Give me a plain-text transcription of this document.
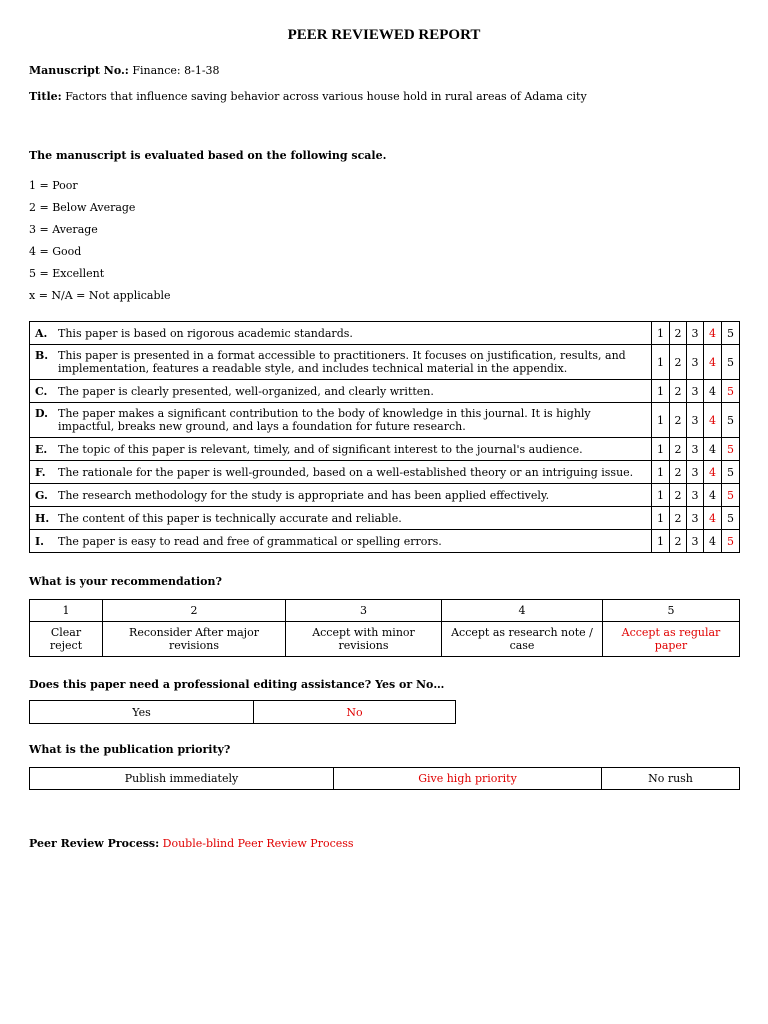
PEER REVIEWED REPORT
Manuscript No.: Finance: 8-1-38
Title: Factors that influence saving behavior across various house hold in rural areas of Adama city
The manuscript is evaluated based on the following scale.
1 = Poor
2 = Below Average
3 = Average
4 = Good
5 = Excellent
x = N/A = Not applicable
A. This paper is based on rigorous academic standards.	1	2	3	4	5
B. This paper is presented in a format accessible to practitioners. It focuses on justification, results, and implementation, features a readable style, and includes technical material in the appendix.	1	2	3	4	5
C. The paper is clearly presented, well-organized, and clearly written.	1	2	3	4	5
D. The paper makes a significant contribution to the body of knowledge in this journal. It is highly impactful, breaks new ground, and lays a foundation for future research.	1	2	3	4	5
E. The topic of this paper is relevant, timely, and of significant interest to the journal's audience.	1	2	3	4	5
F. The rationale for the paper is well-grounded, based on a well-established theory or an intriguing issue.	1	2	3	4	5
G. The research methodology for the study is appropriate and has been applied effectively.	1	2	3	4	5
H. The content of this paper is technically accurate and reliable.	1	2	3	4	5
I. The paper is easy to read and free of grammatical or spelling errors.	1	2	3	4	5
What is your recommendation?
1	2	3	4	5
Clear reject	Reconsider After major revisions	Accept with minor revisions	Accept as research note / case	Accept as regular paper
Does this paper need a professional editing assistance? Yes or No…
Yes	No
What is the publication priority?
Publish immediately	Give high priority	No rush
Peer Review Process: Double-blind Peer Review Process
